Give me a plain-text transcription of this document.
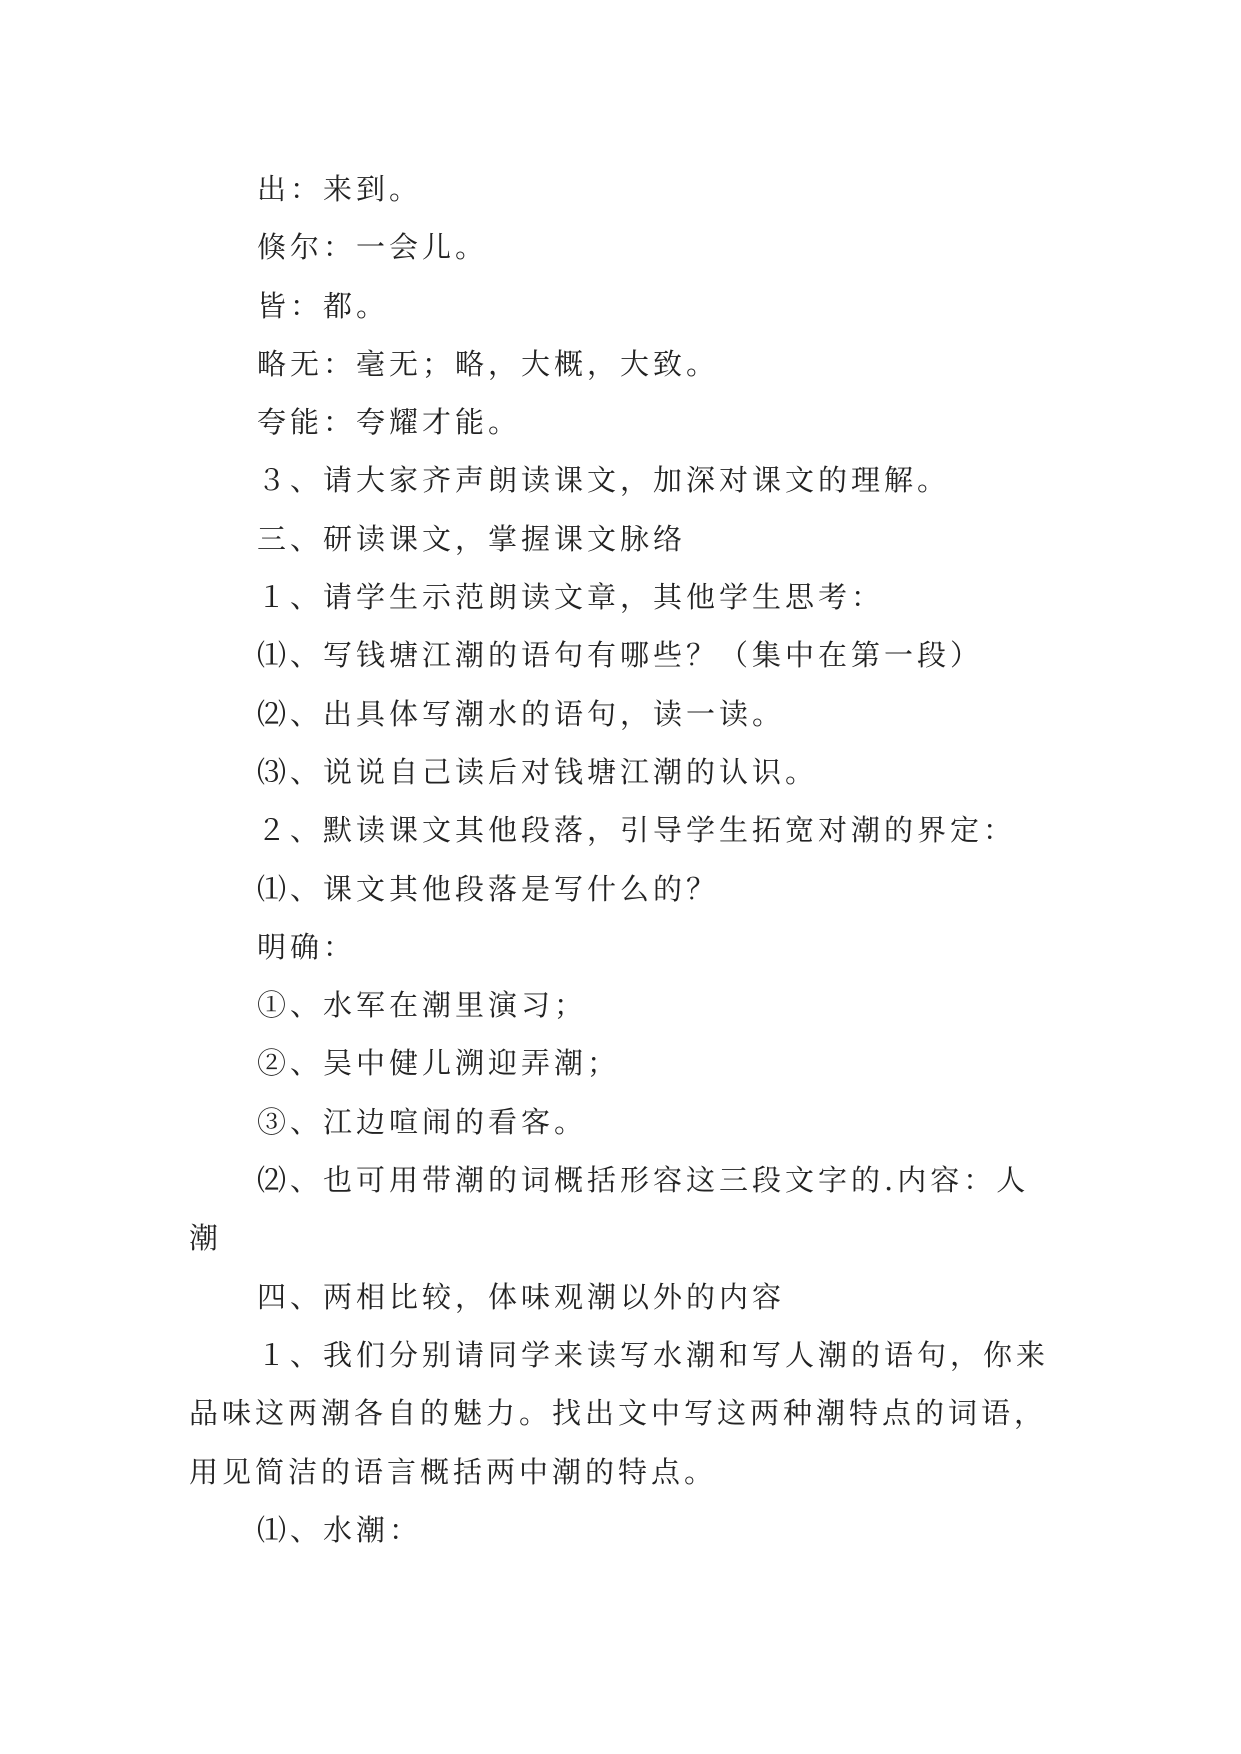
出：来到。
倏尔：一会儿。
皆：都。
略无：毫无；略，大概，大致。
夸能：夸耀才能。
３、请大家齐声朗读课文，加深对课文的理解。
三、研读课文，掌握课文脉络
１、请学生示范朗读文章，其他学生思考：
⑴、写钱塘江潮的语句有哪些？（集中在第一段）
⑵、出具体写潮水的语句，读一读。
⑶、说说自己读后对钱塘江潮的认识。
２、默读课文其他段落，引导学生拓宽对潮的界定：
⑴、课文其他段落是写什么的？
明确：
①、水军在潮里演习；
②、吴中健儿溯迎弄潮；
③、江边喧闹的看客。
⑵、也可用带潮的词概括形容这三段文字的.内容：人
潮
四、两相比较，体味观潮以外的内容
１、我们分别请同学来读写水潮和写人潮的语句，你来
品味这两潮各自的魅力。找出文中写这两种潮特点的词语，
用见简洁的语言概括两中潮的特点。
⑴、水潮：
